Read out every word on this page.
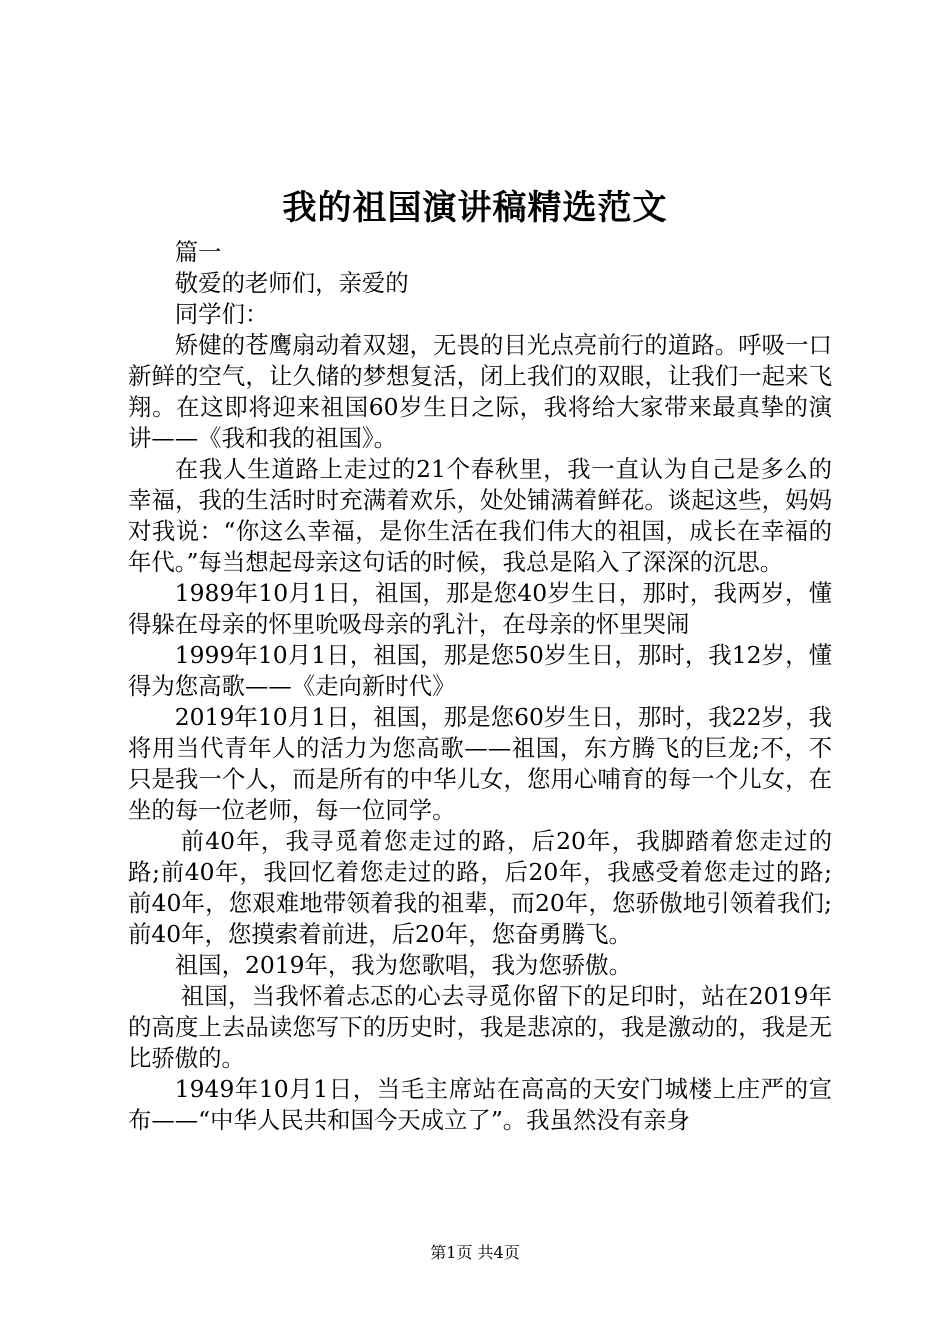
我的祖国演讲稿精选范文

篇一

敬爱的老师们，亲爱的

同学们：

矫健的苍鹰扇动着双翅，无畏的目光点亮前行的道路。呼吸一口新鲜的空气，让久储的梦想复活，闭上我们的双眼，让我们一起来飞翔。在这即将迎来祖国60岁生日之际，我将给大家带来最真挚的演讲——《我和我的祖国》。

在我人生道路上走过的21个春秋里，我一直认为自己是多么的幸福，我的生活时时充满着欢乐，处处铺满着鲜花。谈起这些，妈妈对我说：“你这么幸福，是你生活在我们伟大的祖国，成长在幸福的年代。”每当想起母亲这句话的时候，我总是陷入了深深的沉思。

1989年10月1日，祖国，那是您40岁生日，那时，我两岁，懂得躲在母亲的怀里吮吸母亲的乳汁，在母亲的怀里哭闹

1999年10月1日，祖国，那是您50岁生日，那时，我12岁，懂得为您高歌——《走向新时代》

2019年10月1日，祖国，那是您60岁生日，那时，我22岁，我将用当代青年人的活力为您高歌——祖国，东方腾飞的巨龙;不，不只是我一个人，而是所有的中华儿女，您用心哺育的每一个儿女，在坐的每一位老师，每一位同学。

前40年，我寻觅着您走过的路，后20年，我脚踏着您走过的路;前40年，我回忆着您走过的路，后20年，我感受着您走过的路;前40年，您艰难地带领着我的祖辈，而20年，您骄傲地引领着我们;前40年，您摸索着前进，后20年，您奋勇腾飞。

祖国，2019年，我为您歌唱，我为您骄傲。

祖国，当我怀着忐忑的心去寻觅你留下的足印时，站在2019年的高度上去品读您写下的历史时，我是悲凉的，我是激动的，我是无比骄傲的。

1949年10月1日，当毛主席站在高高的天安门城楼上庄严的宣布——“中华人民共和国今天成立了”。我虽然没有亲身

第1页 共4页
